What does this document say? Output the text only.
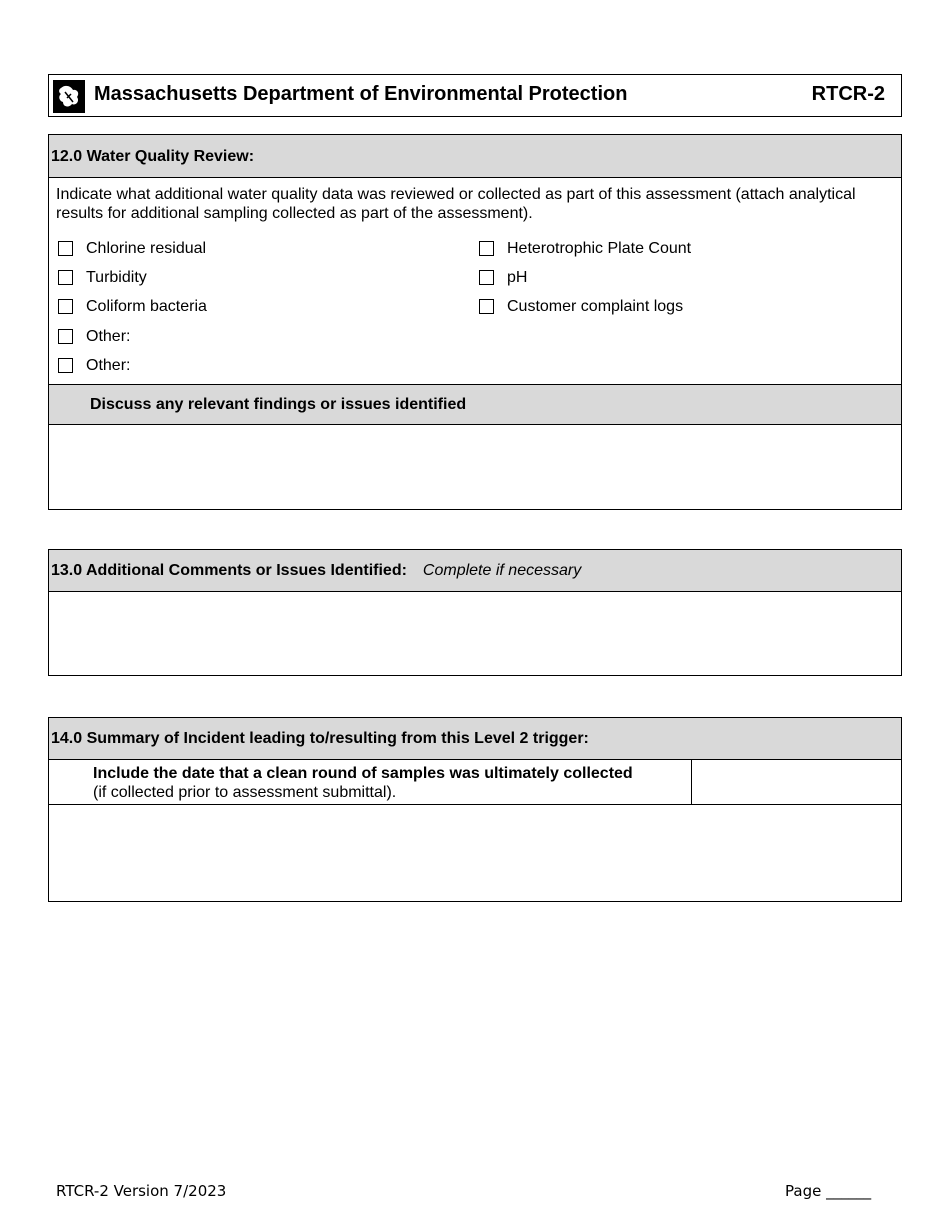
Massachusetts Department of Environmental Protection	RTCR-2
12.0 Water Quality Review:
Indicate what additional water quality data was reviewed or collected as part of this assessment (attach analytical results for additional sampling collected as part of the assessment).
Chlorine residual
Turbidity
Coliform bacteria
Other:
Other:
Heterotrophic Plate Count
pH
Customer complaint logs
Discuss any relevant findings or issues identified
13.0 Additional Comments or Issues Identified: Complete if necessary
14.0 Summary of Incident leading to/resulting from this Level 2 trigger:
Include the date that a clean round of samples was ultimately collected
(if collected prior to assessment submittal).
RTCR-2 Version 7/2023	Page ______
